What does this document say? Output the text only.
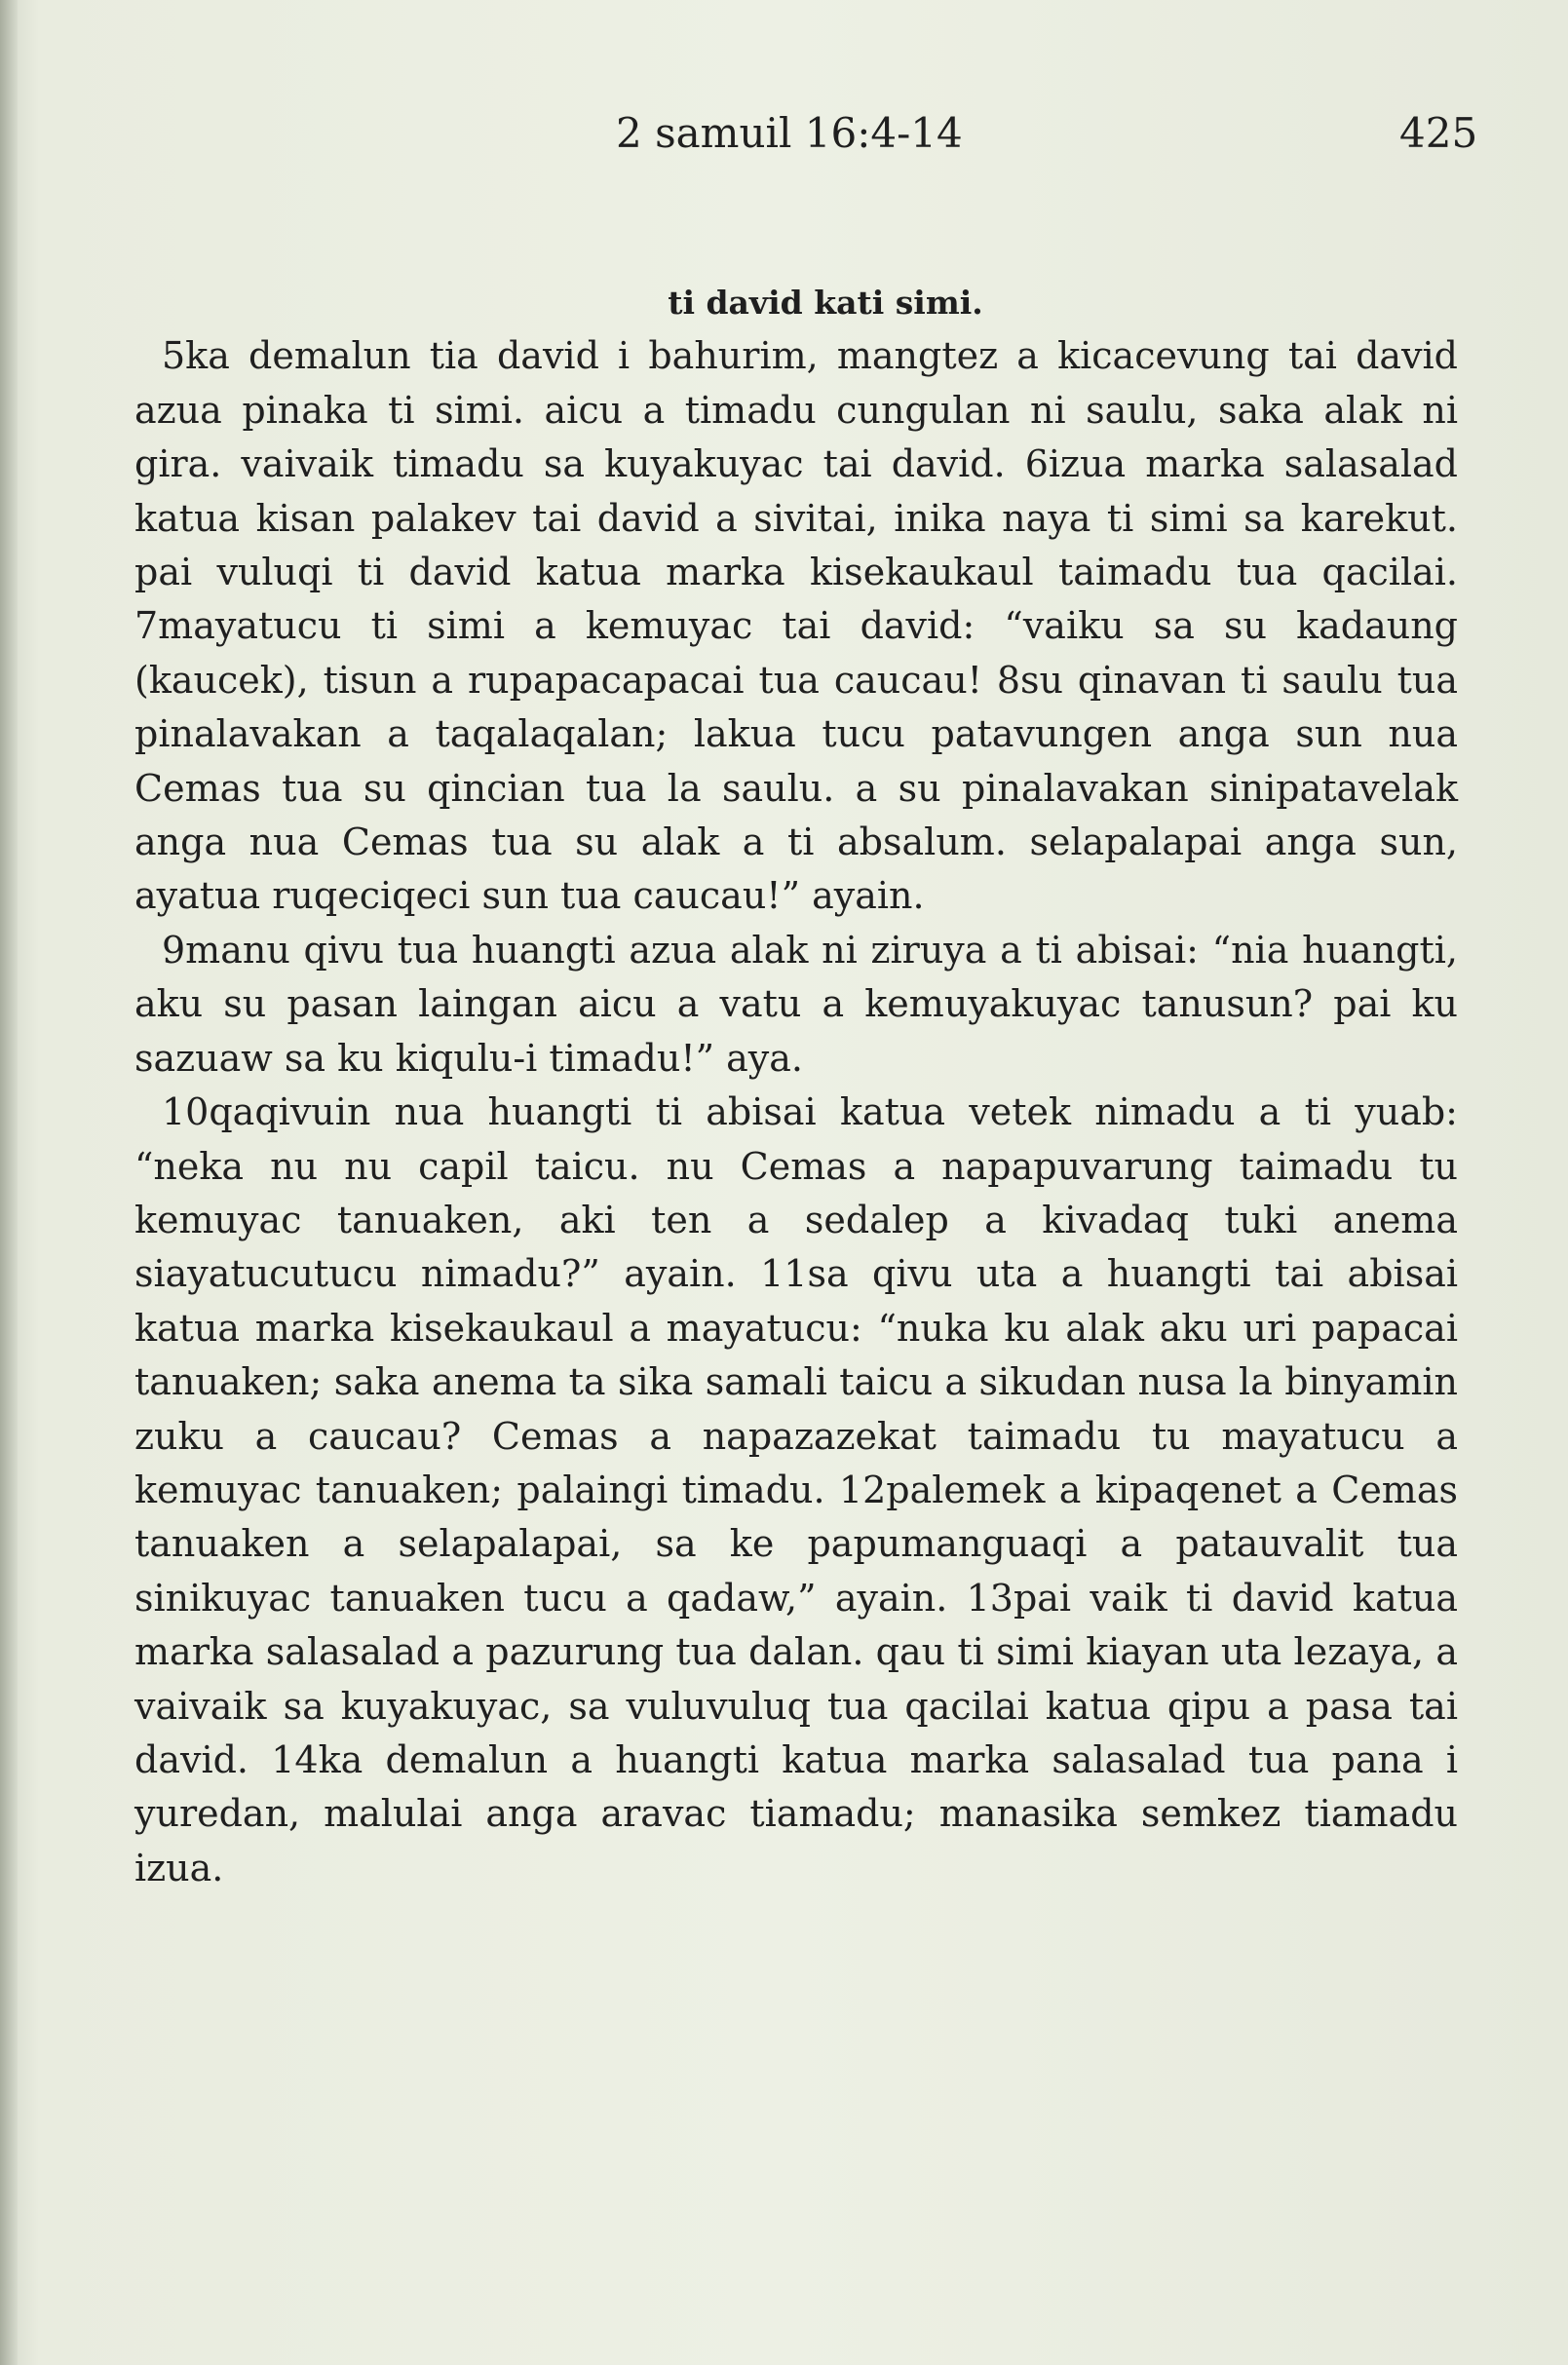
2 samuil 16:4-14	425

ti david kati simi.

5ka demalun tia david i bahurim, mangtez a kicacevung tai david azua pinaka ti simi. aicu a timadu cungulan ni saulu, saka alak ni gira. vaivaik timadu sa kuyakuyac tai david. 6izua marka salasalad katua kisan palakev tai david a sivitai, inika naya ti simi sa karekut. pai vuluqi ti david katua marka kisekaukaul taimadu tua qacilai. 7mayatucu ti simi a kemuyac tai david: “vaiku sa su kadaung (kaucek), tisun a rupapacapacai tua caucau! 8su qinavan ti saulu tua pinalavakan a taqalaqalan; lakua tucu patavungen anga sun nua Cemas tua su qincian tua la saulu. a su pinalavakan sinipatavelak anga nua Cemas tua su alak a ti absalum. selapalapai anga sun, ayatua ruqeciqeci sun tua caucau!” ayain.

9manu qivu tua huangti azua alak ni ziruya a ti abisai: “nia huangti, aku su pasan laingan aicu a vatu a kemuyakuyac tanusun? pai ku sazuaw sa ku kiqulu-i timadu!” aya.

10qaqivuin nua huangti ti abisai katua vetek nimadu a ti yuab: “neka nu nu capil taicu. nu Cemas a napapuvarung taimadu tu kemuyac tanuaken, aki ten a sedalep a kivadaq tuki anema siayatucutucu nimadu?” ayain. 11sa qivu uta a huangti tai abisai katua marka kisekaukaul a mayatucu: “nuka ku alak aku uri papacai tanuaken; saka anema ta sika samali taicu a sikudan nusa la binyamin zuku a caucau? Cemas a napazazekat taimadu tu mayatucu a kemuyac tanuaken; palaingi timadu. 12palemek a kipaqenet a Cemas tanuaken a selapalapai, sa ke papumanguaqi a patauvalit tua sinikuyac tanuaken tucu a qadaw,” ayain. 13pai vaik ti david katua marka salasalad a pazurung tua dalan. qau ti simi kiayan uta lezaya, a vaivaik sa kuyakuyac, sa vuluvuluq tua qacilai katua qipu a pasa tai david. 14ka demalun a huangti katua marka salasalad tua pana i yuredan, malulai anga aravac tiamadu; manasika semkez tiamadu izua.
